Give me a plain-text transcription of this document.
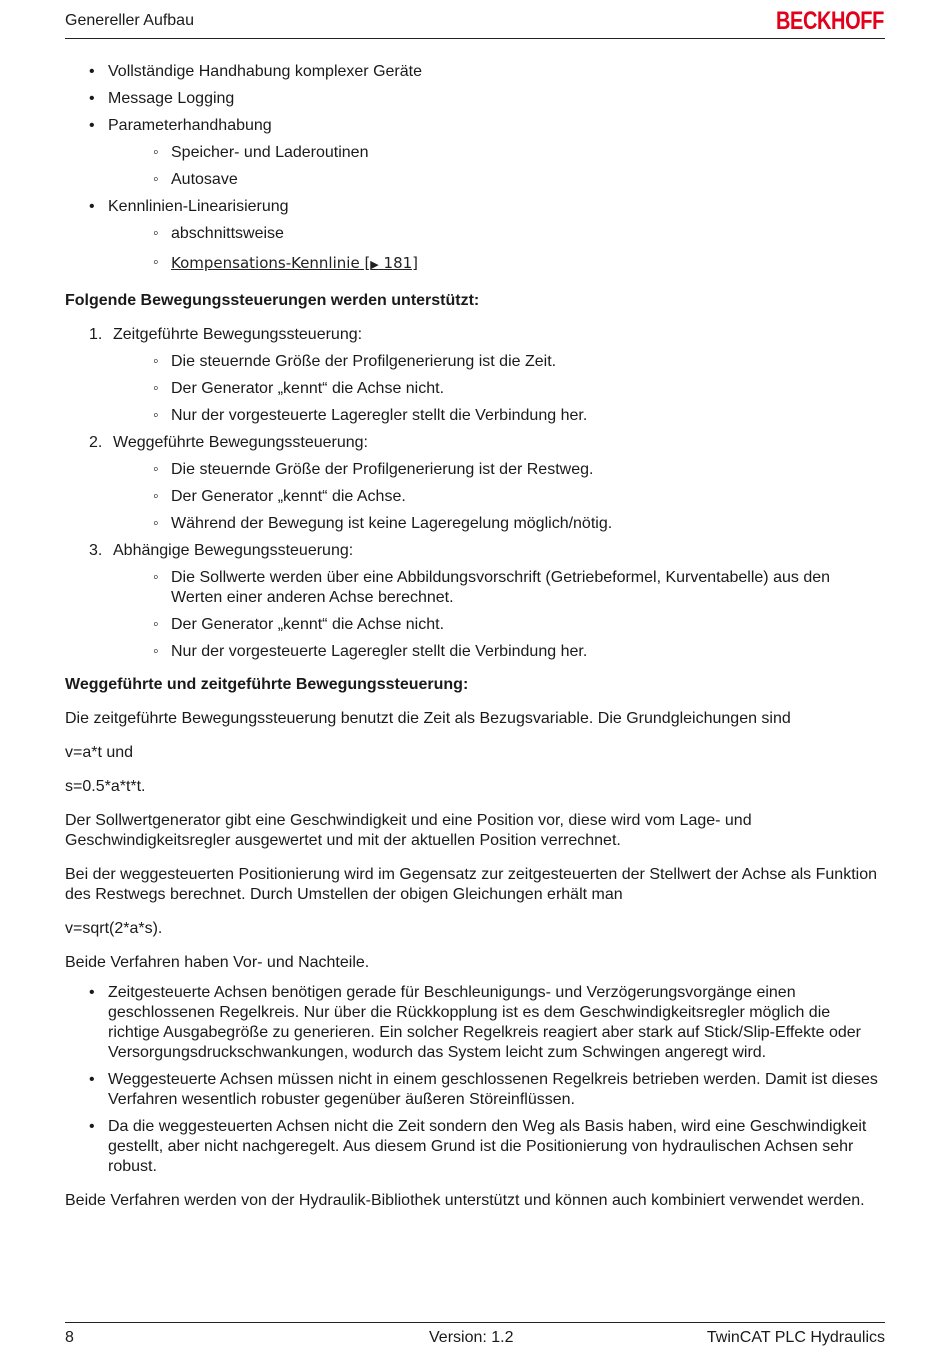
Genereller Aufbau	BECKHOFF
• Vollständige Handhabung komplexer Geräte
• Message Logging
• Parameterhandhabung
◦ Speicher- und Laderoutinen
◦ Autosave
• Kennlinien-Linearisierung
◦ abschnittsweise
◦ Kompensations-Kennlinie [▶ 181]
Folgende Bewegungssteuerungen werden unterstützt:
1. Zeitgeführte Bewegungssteuerung:
◦ Die steuernde Größe der Profilgenerierung ist die Zeit.
◦ Der Generator „kennt“ die Achse nicht.
◦ Nur der vorgesteuerte Lageregler stellt die Verbindung her.
2. Weggeführte Bewegungssteuerung:
◦ Die steuernde Größe der Profilgenerierung ist der Restweg.
◦ Der Generator „kennt“ die Achse.
◦ Während der Bewegung ist keine Lageregelung möglich/nötig.
3. Abhängige Bewegungssteuerung:
◦ Die Sollwerte werden über eine Abbildungsvorschrift (Getriebeformel, Kurventabelle) aus den Werten einer anderen Achse berechnet.
◦ Der Generator „kennt“ die Achse nicht.
◦ Nur der vorgesteuerte Lageregler stellt die Verbindung her.
Weggeführte und zeitgeführte Bewegungssteuerung:

Die zeitgeführte Bewegungssteuerung benutzt die Zeit als Bezugsvariable. Die Grundgleichungen sind

v=a*t und

s=0.5*a*t*t.

Der Sollwertgenerator gibt eine Geschwindigkeit und eine Position vor, diese wird vom Lage- und Geschwindigkeitsregler ausgewertet und mit der aktuellen Position verrechnet.

Bei der weggesteuerten Positionierung wird im Gegensatz zur zeitgesteuerten der Stellwert der Achse als Funktion des Restwegs berechnet. Durch Umstellen der obigen Gleichungen erhält man

v=sqrt(2*a*s).

Beide Verfahren haben Vor- und Nachteile.

• Zeitgesteuerte Achsen benötigen gerade für Beschleunigungs- und Verzögerungsvorgänge einen geschlossenen Regelkreis. Nur über die Rückkopplung ist es dem Geschwindigkeitsregler möglich die richtige Ausgabegröße zu generieren. Ein solcher Regelkreis reagiert aber stark auf Stick/Slip-Effekte oder Versorgungsdruckschwankungen, wodurch das System leicht zum Schwingen angeregt wird.
• Weggesteuerte Achsen müssen nicht in einem geschlossenen Regelkreis betrieben werden. Damit ist dieses Verfahren wesentlich robuster gegenüber äußeren Störeinflüssen.
• Da die weggesteuerten Achsen nicht die Zeit sondern den Weg als Basis haben, wird eine Geschwindigkeit gestellt, aber nicht nachgeregelt. Aus diesem Grund ist die Positionierung von hydraulischen Achsen sehr robust.

Beide Verfahren werden von der Hydraulik-Bibliothek unterstützt und können auch kombiniert verwendet werden.

8	Version: 1.2	TwinCAT PLC Hydraulics
